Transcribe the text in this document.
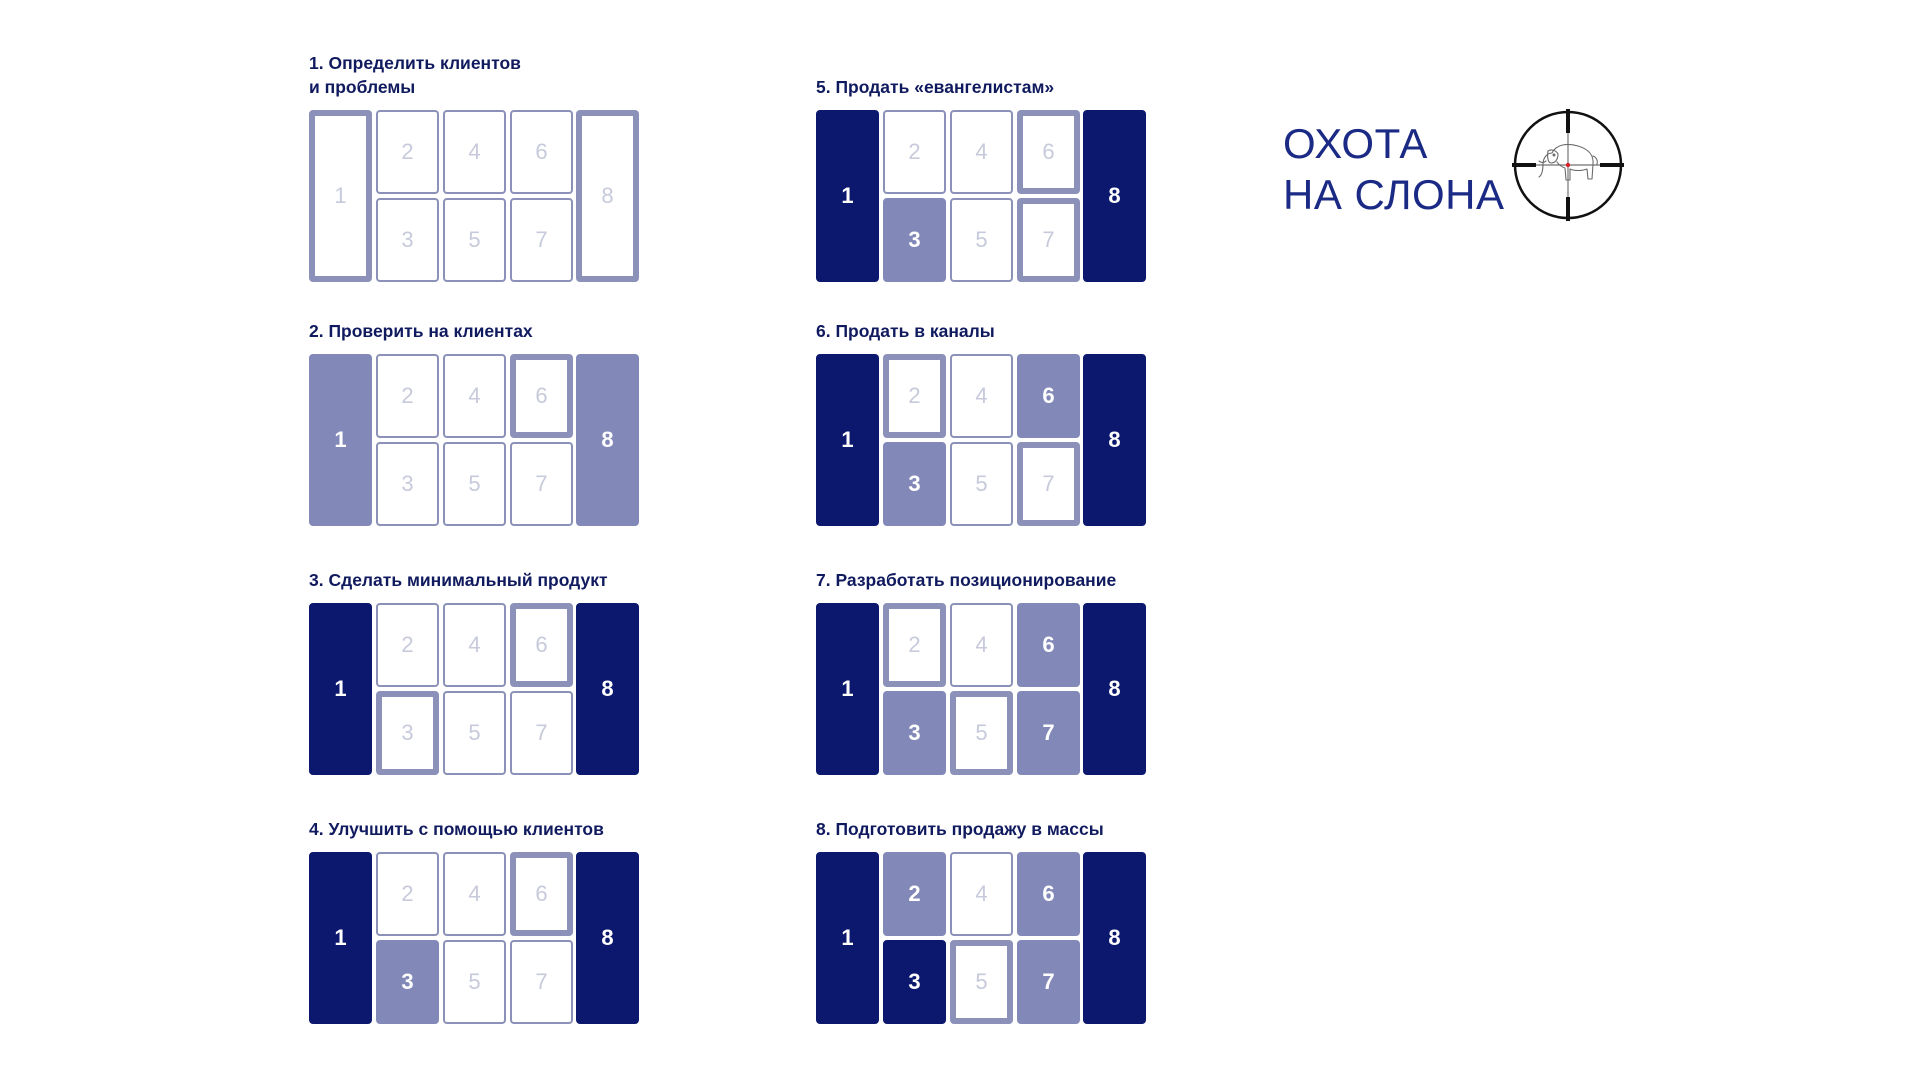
1. Определить клиентов
и проблемы
1
2
3
4
5
6
7
8
2. Проверить на клиентах
1
2
3
4
5
6
7
8
3. Сделать минимальный продукт
1
2
3
4
5
6
7
8
4. Улучшить с помощью клиентов
1
2
3
4
5
6
7
8
5. Продать «евангелистам»
1
2
3
4
5
6
7
8
6. Продать в каналы
1
2
3
4
5
6
7
8
7. Разработать позиционирование
1
2
3
4
5
6
7
8
8. Подготовить продажу в массы
1
2
3
4
5
6
7
8
ОХОТА
НА СЛОНА
